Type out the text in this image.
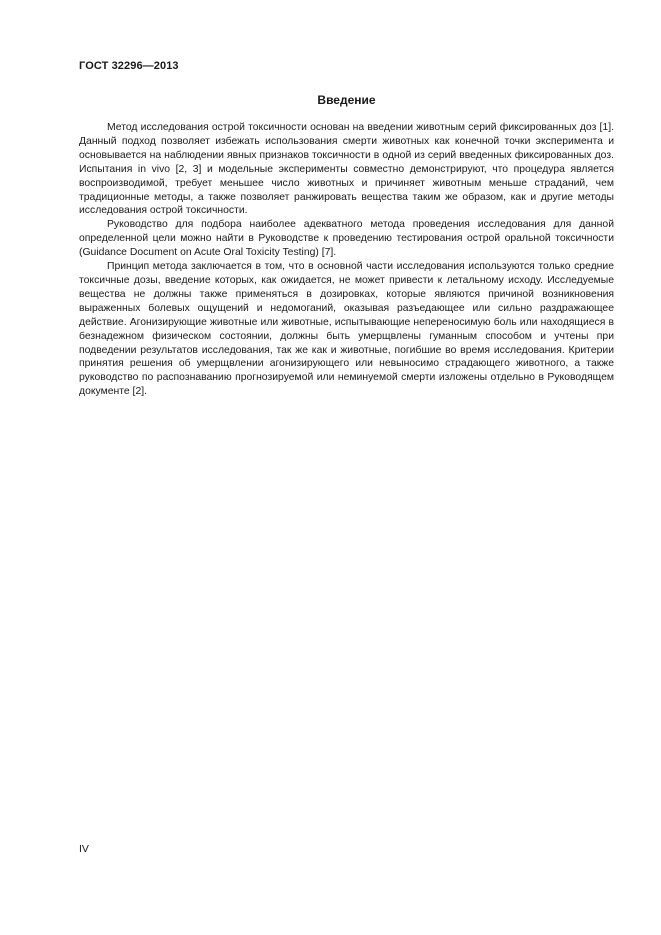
ГОСТ 32296—2013
Введение

Метод исследования острой токсичности основан на введении животным серий фиксированных доз [1]. Данный подход позволяет избежать использования смерти животных как конечной точки эксперимента и основывается на наблюдении явных признаков токсичности в одной из серий введенных фиксированных доз. Испытания in vivo [2, 3] и модельные эксперименты совместно демонстрируют, что процедура является воспроизводимой, требует меньшее число животных и причиняет животным меньше страданий, чем традиционные методы, а также позволяет ранжировать вещества таким же образом, как и другие методы исследования острой токсичности.

Руководство для подбора наиболее адекватного метода проведения исследования для данной определенной цели можно найти в Руководстве к проведению тестирования острой оральной токсичности (Guidance Document on Acute Oral Toxicity Testing) [7].

Принцип метода заключается в том, что в основной части исследования используются только средние токсичные дозы, введение которых, как ожидается, не может привести к летальному исходу. Исследуемые вещества не должны также применяться в дозировках, которые являются причиной возникновения выраженных болевых ощущений и недомоганий, оказывая разъедающее или сильно раздражающее действие. Агонизирующие животные или животные, испытывающие непереносимую боль или находящиеся в безнадежном физическом состоянии, должны быть умерщвлены гуманным способом и учтены при подведении результатов исследования, так же как и животные, погибшие во время исследования. Критерии принятия решения об умерщвлении агонизирующего или невыносимо страдающего животного, а также руководство по распознаванию прогнозируемой или неминуемой смерти изложены отдельно в Руководящем документе [2].

IV
